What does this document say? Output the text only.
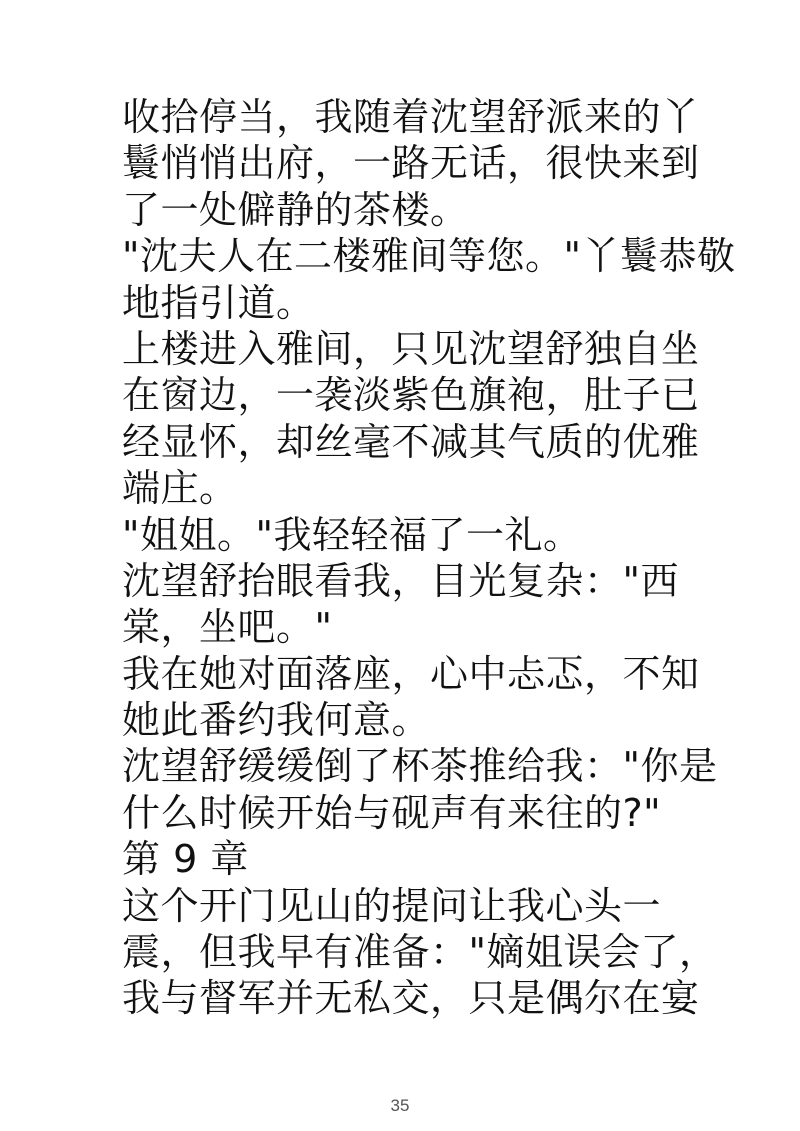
收拾停当，我随着沈望舒派来的丫
鬟悄悄出府，一路无话，很快来到
了一处僻静的茶楼。
"沈夫人在二楼雅间等您。"丫鬟恭敬
地指引道。
上楼进入雅间，只见沈望舒独自坐
在窗边，一袭淡紫色旗袍，肚子已
经显怀，却丝毫不减其气质的优雅
端庄。
"姐姐。"我轻轻福了一礼。
沈望舒抬眼看我，目光复杂："西
棠，坐吧。"
我在她对面落座，心中忐忑，不知
她此番约我何意。
沈望舒缓缓倒了杯茶推给我："你是
什么时候开始与砚声有来往的?"
第 9 章
这个开门见山的提问让我心头一
震，但我早有准备："嫡姐误会了，
我与督军并无私交，只是偶尔在宴
35
